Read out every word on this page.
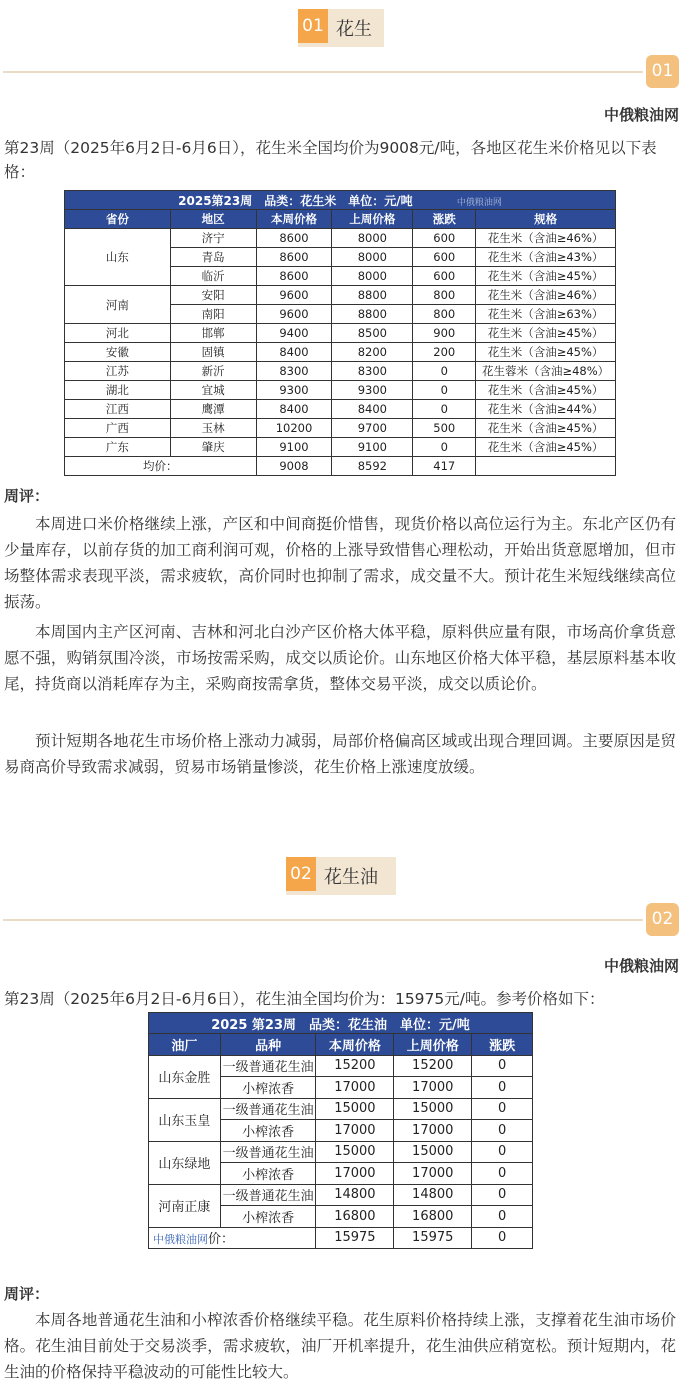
01 花生
01
中俄粮油网
第23周（2025年6月2日-6月6日），花生米全国均价为9008元/吨，各地区花生米价格见以下表格：
2025第23周　品类：花生米　单位：元/吨 中俄粮油网					
省份	地区	本周价格	上周价格	涨跌	规格
山东	济宁	8600	8000	600	花生米（含油≥46%）
	青岛	8600	8000	600	花生米（含油≥43%）
	临沂	8600	8000	600	花生米（含油≥45%）
河南	安阳	9600	8800	800	花生米（含油≥46%）
	南阳	9600	8800	800	花生米（含油≥63%）
河北	邯郸	9400	8500	900	花生米（含油≥45%）
安徽	固镇	8400	8200	200	花生米（含油≥45%）
江苏	新沂	8300	8300	0	花生蓉米（含油≥48%）
湖北	宜城	9300	9300	0	花生米（含油≥45%）
江西	鹰潭	8400	8400	0	花生米（含油≥44%）
广西	玉林	10200	9700	500	花生米（含油≥45%）
广东	肇庆	9100	9100	0	花生米（含油≥45%）
均价：		9008	8592	417	
周评：
本周进口米价格继续上涨，产区和中间商挺价惜售，现货价格以高位运行为主。东北产区仍有少量库存，以前存货的加工商利润可观，价格的上涨导致惜售心理松动，开始出货意愿增加，但市场整体需求表现平淡，需求疲软，高价同时也抑制了需求，成交量不大。预计花生米短线继续高位振荡。
本周国内主产区河南、吉林和河北白沙产区价格大体平稳，原料供应量有限，市场高价拿货意愿不强，购销氛围冷淡，市场按需采购，成交以质论价。山东地区价格大体平稳，基层原料基本收尾，持货商以消耗库存为主，采购商按需拿货，整体交易平淡，成交以质论价。
预计短期各地花生市场价格上涨动力减弱，局部价格偏高区域或出现合理回调。主要原因是贸易商高价导致需求减弱，贸易市场销量惨淡，花生价格上涨速度放缓。
02 花生油
02
中俄粮油网
第23周（2025年6月2日-6月6日），花生油全国均价为：15975元/吨。参考价格如下：
2025 第23周　品类：花生油　单位：元/吨				
油厂	品种	本周价格	上周价格	涨跌
山东金胜	一级普通花生油	15200	15200	0
	小榨浓香	17000	17000	0
山东玉皇	一级普通花生油	15000	15000	0
	小榨浓香	17000	17000	0
山东绿地	一级普通花生油	15000	15000	0
	小榨浓香	17000	17000	0
河南正康	一级普通花生油	14800	14800	0
	小榨浓香	16800	16800	0
中俄粮油网价：		15975	15975	0
周评：
本周各地普通花生油和小榨浓香价格继续平稳。花生原料价格持续上涨，支撑着花生油市场价格。花生油目前处于交易淡季，需求疲软，油厂开机率提升，花生油供应稍宽松。预计短期内，花生油的价格保持平稳波动的可能性比较大。
